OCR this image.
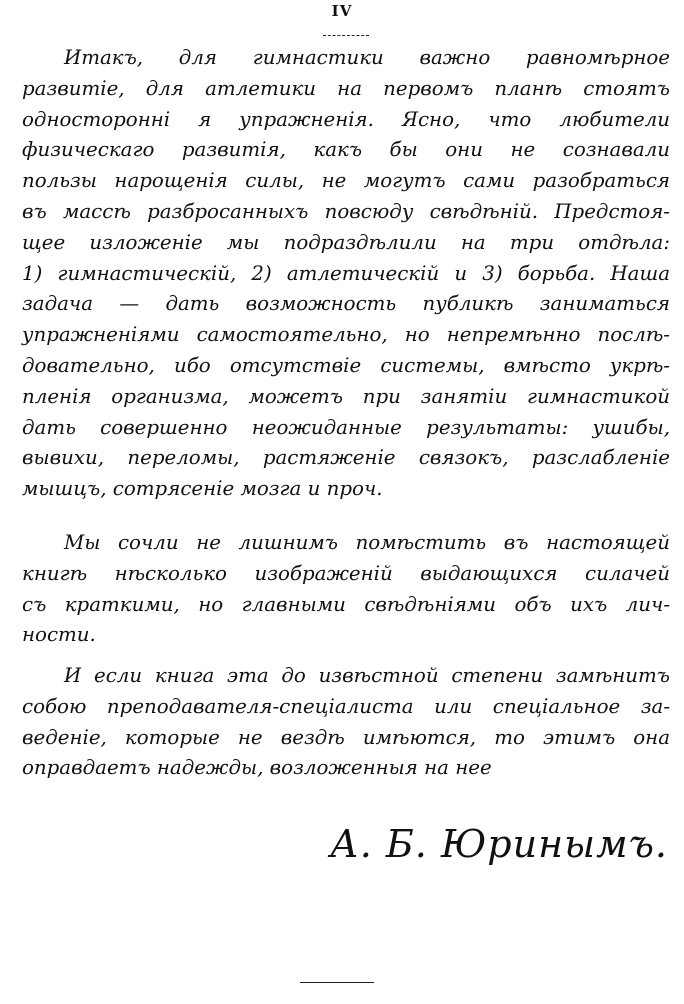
IV
Итакъ, для гимнастики важно равномѣрное
развитіе, для атлетики на первомъ планѣ стоятъ
односторонні я упражненія. Ясно, что любители
физическаго развитія, какъ бы они не сознавали
пользы нарощенія силы, не могутъ сами разобраться
въ массѣ разбросанныхъ повсюду свѣдѣній. Предстоя-
щее изложеніе мы подраздѣлили на три отдѣла:
1) гимнастическій, 2) атлетическій и 3) борьба. Наша
задача — дать возможность публикѣ заниматься
упражненіями самостоятельно, но непремѣнно послѣ-
довательно, ибо отсутствіе системы, вмѣсто укрѣ-
пленія организма, можетъ при занятіи гимнастикой
дать совершенно неожиданные результаты: ушибы,
вывихи, переломы, растяженіе связокъ, разслабленіе
мышцъ, сотрясеніе мозга и проч.
Мы сочли не лишнимъ помѣстить въ настоящей
книгѣ нѣсколько изображеній выдающихся силачей
съ краткими, но главными свѣдѣніями объ ихъ лич-
ности.
И если книга эта до извѣстной степени замѣнитъ
собою преподавателя-спеціалиста или спеціальное за-
веденіе, которые не вездѣ имѣются, то этимъ она
оправдаетъ надежды, возложенныя на нее
А. Б. Юринымъ.
